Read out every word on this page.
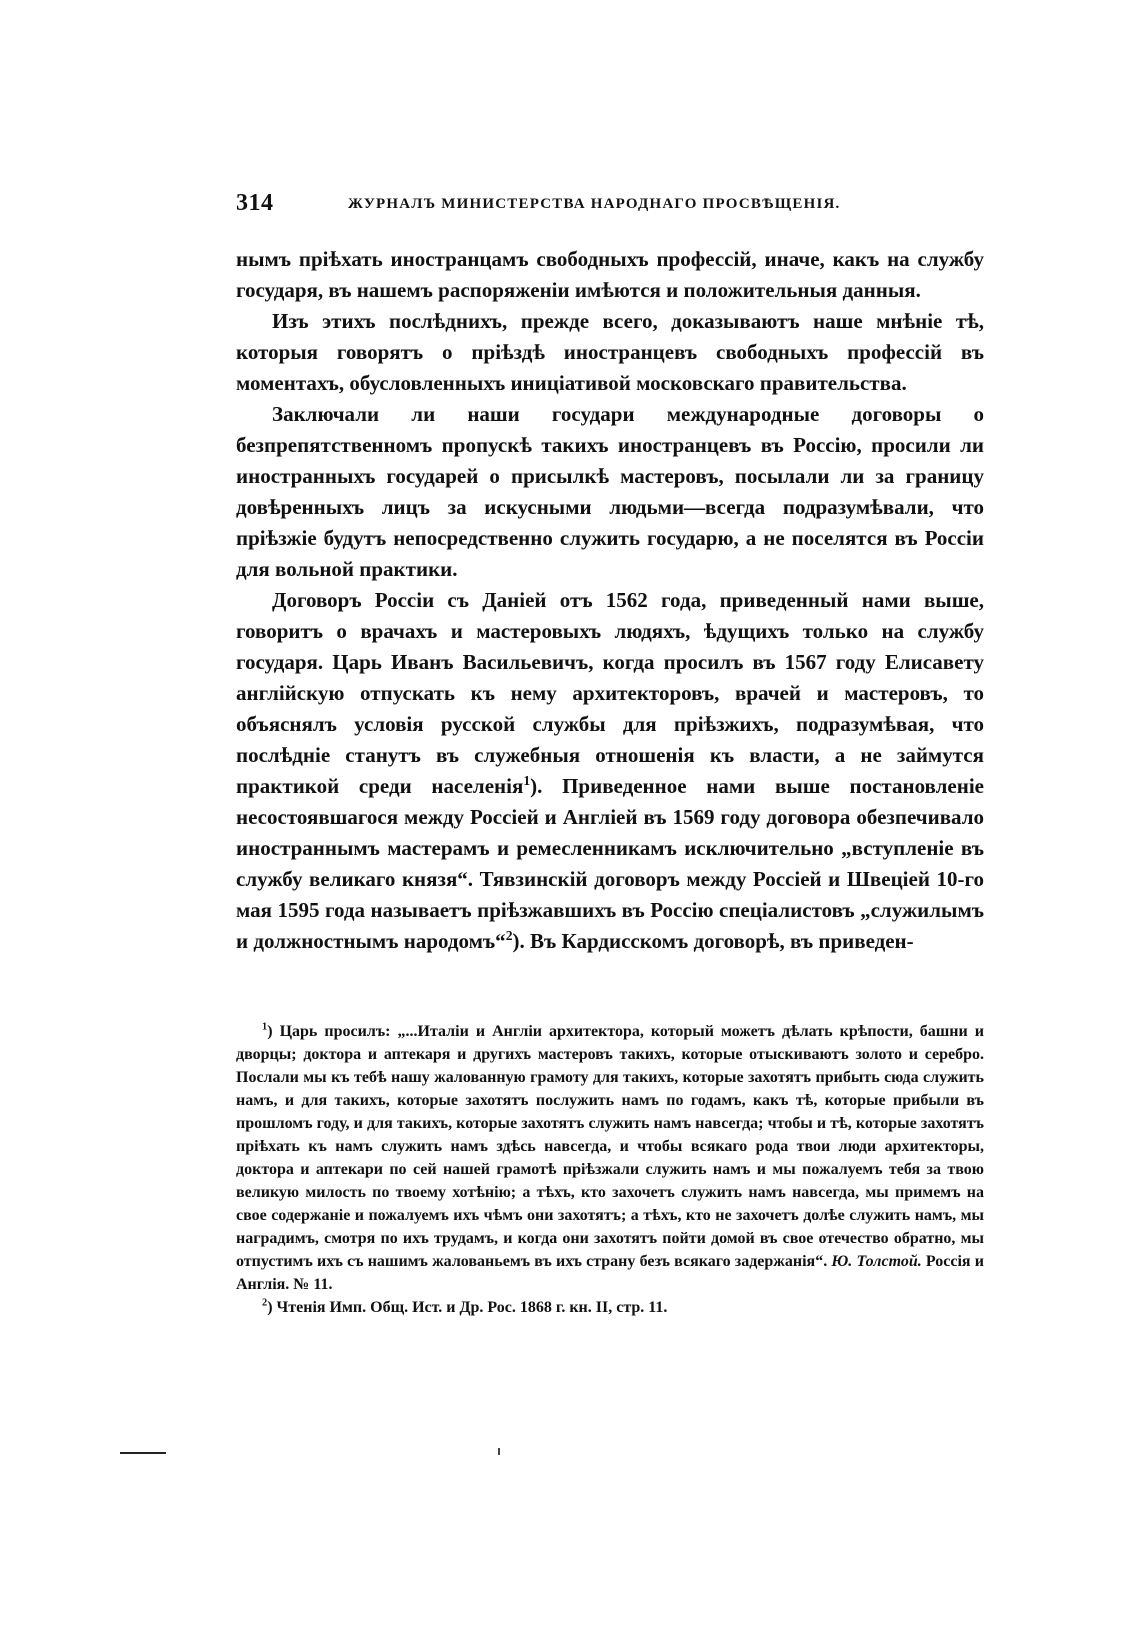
314	ЖУРНАЛЪ МИНИСТЕРСТВА НАРОДНАГО ПРОСВѢЩЕНІЯ.

нымъ пріѣхать иностранцамъ свободныхъ профессій, иначе, какъ на службу государя, въ нашемъ распоряженіи имѣются и положительныя данныя.

Изъ этихъ послѣднихъ, прежде всего, доказываютъ наше мнѣніе тѣ, которыя говорятъ о пріѣздѣ иностранцевъ свободныхъ профессій въ моментахъ, обусловленныхъ иниціативой московскаго правительства.

Заключали ли наши государи международные договоры о безпрепятственномъ пропускѣ такихъ иностранцевъ въ Россію, просили ли иностранныхъ государей о присылкѣ мастеровъ, посылали ли за границу довѣренныхъ лицъ за искусными людьми—всегда подразумѣвали, что пріѣзжіе будутъ непосредственно служить государю, а не поселятся въ Россіи для вольной практики.

Договоръ Россіи съ Даніей отъ 1562 года, приведенный нами выше, говоритъ о врачахъ и мастеровыхъ людяхъ, ѣдущихъ только на службу государя. Царь Иванъ Васильевичъ, когда просилъ въ 1567 году Елисавету англійскую отпускать къ нему архитекторовъ, врачей и мастеровъ, то объяснялъ условія русской службы для пріѣзжихъ, подразумѣвая, что послѣдніе станутъ въ служебныя отношенія къ власти, а не займутся практикой среди населенія$^1$). Приведенное нами выше постановленіе несостоявшагося между Россіей и Англіей въ 1569 году договора обезпечивало иностраннымъ мастерамъ и ремесленникамъ исключительно „вступленіе въ службу великаго князя“. Тявзинскій договоръ между Россіей и Швеціей 10-го мая 1595 года называетъ пріѣзжавшихъ въ Россію спеціалистовъ „служилымъ и должностнымъ народомъ“$^2$). Въ Кардисскомъ договорѣ, въ приведен-

$^1$) Царь просилъ: „...Италіи и Англіи архитектора, который можетъ дѣлать крѣпости, башни и дворцы; доктора и аптекаря и другихъ мастеровъ такихъ, которые отыскиваютъ золото и серебро. Послали мы къ тебѣ нашу жалованную грамоту для такихъ, которые захотятъ прибыть сюда служить намъ, и для такихъ, которые захотятъ послужить намъ по годамъ, какъ тѣ, которые прибыли въ прошломъ году, и для такихъ, которые захотятъ служить намъ навсегда; чтобы и тѣ, которые захотятъ пріѣхать къ намъ служить намъ здѣсь навсегда, и чтобы всякаго рода твои люди архитекторы, доктора и аптекари по сей нашей грамотѣ пріѣзжали служить намъ и мы пожалуемъ тебя за твою великую милость по твоему хотѣнію; а тѣхъ, кто захочетъ служить намъ навсегда, мы примемъ на свое содержаніе и пожалуемъ ихъ чѣмъ они захотятъ; а тѣхъ, кто не захочетъ долѣе служить намъ, мы наградимъ, смотря по ихъ трудамъ, и когда они захотятъ пойти домой въ свое отечество обратно, мы отпустимъ ихъ съ нашимъ жалованьемъ въ ихъ страну безъ всякаго задержанія“. Ю. Толстой. Россія и Англія. № 11.

$^2$) Чтенія Имп. Общ. Ист. и Др. Рос. 1868 г. кн. II, стр. 11.
